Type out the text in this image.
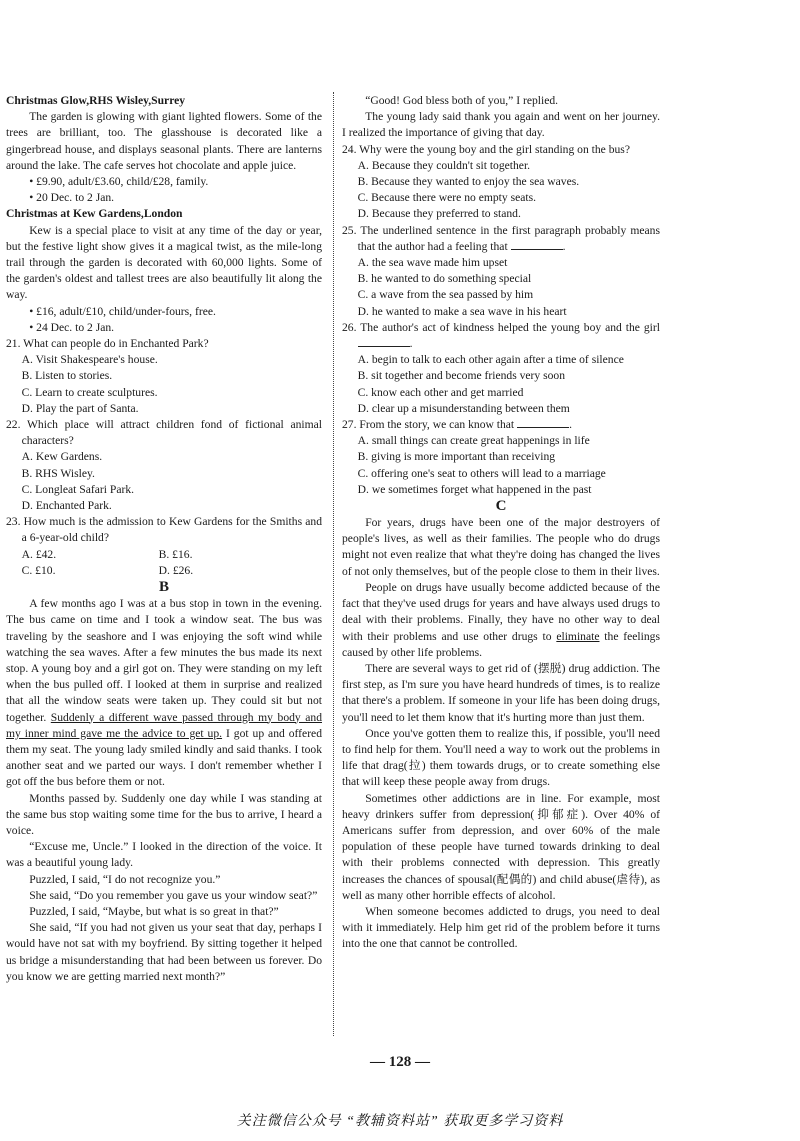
Christmas Glow,RHS Wisley,Surrey

The garden is glowing with giant lighted flowers. Some of the trees are brilliant, too. The glasshouse is decorated like a gingerbread house, and displays seasonal plants. There are lanterns around the lake. The cafe serves hot chocolate and apple juice.

• £9.90, adult/£3.60, child/£28, family.

• 20 Dec. to 2 Jan.

Christmas at Kew Gardens,London

Kew is a special place to visit at any time of the day or year, but the festive light show gives it a magical twist, as the mile-long trail through the garden is decorated with 60,000 lights. Some of the garden's oldest and tallest trees are also beautifully lit along the way.

• £16, adult/£10, child/under-fours, free.

• 24 Dec. to 2 Jan.

21. What can people do in Enchanted Park?

A. Visit Shakespeare's house.

B. Listen to stories.

C. Learn to create sculptures.

D. Play the part of Santa.

22. Which place will attract children fond of fictional animal characters?

A. Kew Gardens.

B. RHS Wisley.

C. Longleat Safari Park.

D. Enchanted Park.

23. How much is the admission to Kew Gardens for the Smiths and a 6-year-old child?

A. £42.	B. £16.
C. £10.	D. £26.

B

A few months ago I was at a bus stop in town in the evening. The bus came on time and I took a window seat. The bus was traveling by the seashore and I was enjoying the soft wind while watching the sea waves. After a few minutes the bus made its next stop. A young boy and a girl got on. They were standing on my left when the bus pulled off. I looked at them in surprise and realized that all the window seats were taken up. They could sit but not together. Suddenly a different wave passed through my body and my inner mind gave me the advice to get up. I got up and offered them my seat. The young lady smiled kindly and said thanks. I took another seat and we parted our ways. I don't remember whether I got off the bus before them or not.

Months passed by. Suddenly one day while I was standing at the same bus stop waiting some time for the bus to arrive, I heard a voice.

“Excuse me, Uncle.” I looked in the direction of the voice. It was a beautiful young lady.

Puzzled, I said, “I do not recognize you.”

She said, “Do you remember you gave us your window seat?”

Puzzled, I said, “Maybe, but what is so great in that?”

She said, “If you had not given us your seat that day, perhaps I would have not sat with my boyfriend. By sitting together it helped us bridge a misunderstanding that had been between us forever. Do you know we are getting married next month?”

“Good! God bless both of you,” I replied.

The young lady said thank you again and went on her journey. I realized the importance of giving that day.

24. Why were the young boy and the girl standing on the bus?

A. Because they couldn't sit together.

B. Because they wanted to enjoy the sea waves.

C. Because there were no empty seats.

D. Because they preferred to stand.

25. The underlined sentence in the first paragraph probably means that the author had a feeling that	.

A. the sea wave made him upset

B. he wanted to do something special

C. a wave from the sea passed by him

D. he wanted to make a sea wave in his heart

26. The author's act of kindness helped the young boy and the girl .

A. begin to talk to each other again after a time of silence

B. sit together and become friends very soon

C. know each other and get married

D. clear up a misunderstanding between them

27. From the story, we can know that	.

A. small things can create great happenings in life

B. giving is more important than receiving

C. offering one's seat to others will lead to a marriage

D. we sometimes forget what happened in the past

C

For years, drugs have been one of the major destroyers of people's lives, as well as their families. The people who do drugs might not even realize that what they're doing has changed the lives of not only themselves, but of the people close to them in their lives.

People on drugs have usually become addicted because of the fact that they've used drugs for years and have always used drugs to deal with their problems. Finally, they have no other way to deal with their problems and use other drugs to eliminate the feelings caused by other life problems.

There are several ways to get rid of (摆脱) drug addiction. The first step, as I'm sure you have heard hundreds of times, is to realize that there's a problem. If someone in your life has been doing drugs, you'll need to let them know that it's hurting more than just them.

Once you've gotten them to realize this, if possible, you'll need to find help for them. You'll need a way to work out the problems in life that drag(拉) them towards drugs, or to create something else that will keep these people away from drugs.

Sometimes other addictions are in line. For example, most heavy drinkers suffer from depression(抑郁症). Over 40% of Americans suffer from depression, and over 60% of the male population of these people have turned towards drinking to deal with their problems connected with depression. This greatly increases the chances of spousal(配偶的) and child abuse(虐待), as well as many other horrible effects of alcohol.

When someone becomes addicted to drugs, you need to deal with it immediately. Help him get rid of the problem before it turns into the one that cannot be controlled.

— 128 —
关注微信公众号 “教辅资料站” 获取更多学习资料
